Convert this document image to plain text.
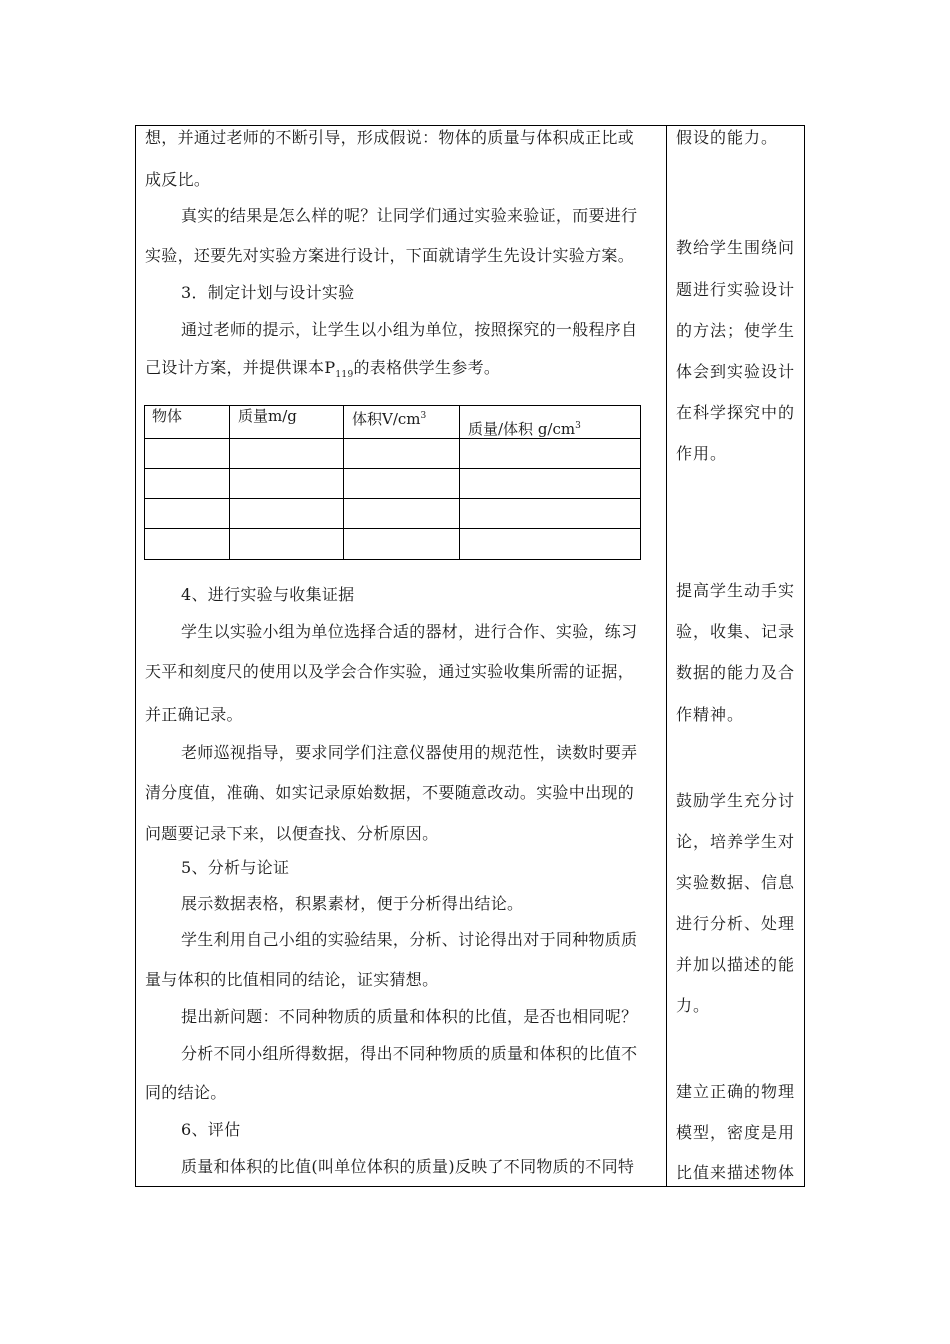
想，并通过老师的不断引导，形成假说：物体的质量与体积成正比或
成反比。
真实的结果是怎么样的呢？让同学们通过实验来验证，而要进行
实验，还要先对实验方案进行设计，下面就请学生先设计实验方案。
3．制定计划与设计实验
通过老师的提示，让学生以小组为单位，按照探究的一般程序自
己设计方案，并提供课本$P_{119}$的表格供学生参考。
物体	质量m/g	体积$V/cm^3$
质量/体积 $g/cm^3$
4、进行实验与收集证据
学生以实验小组为单位选择合适的器材，进行合作、实验，练习
天平和刻度尺的使用以及学会合作实验，通过实验收集所需的证据，
并正确记录。
老师巡视指导，要求同学们注意仪器使用的规范性，读数时要弄
清分度值，准确、如实记录原始数据，不要随意改动。实验中出现的
问题要记录下来，以便查找、分析原因。
5、分析与论证
展示数据表格，积累素材，便于分析得出结论。
学生利用自己小组的实验结果，分析、讨论得出对于同种物质质
量与体积的比值相同的结论，证实猜想。
提出新问题：不同种物质的质量和体积的比值，是否也相同呢？
分析不同小组所得数据，得出不同种物质的质量和体积的比值不
同的结论。
6、评估
质量和体积的比值(叫单位体积的质量)反映了不同物质的不同特
假设的能力。
教给学生围绕问
题进行实验设计
的方法；使学生
体会到实验设计
在科学探究中的
作用。
提高学生动手实
验，收集、记录
数据的能力及合
作精神。
鼓励学生充分讨
论，培养学生对
实验数据、信息
进行分析、处理
并加以描述的能
力。
建立正确的物理
模型，密度是用
比值来描述物体
